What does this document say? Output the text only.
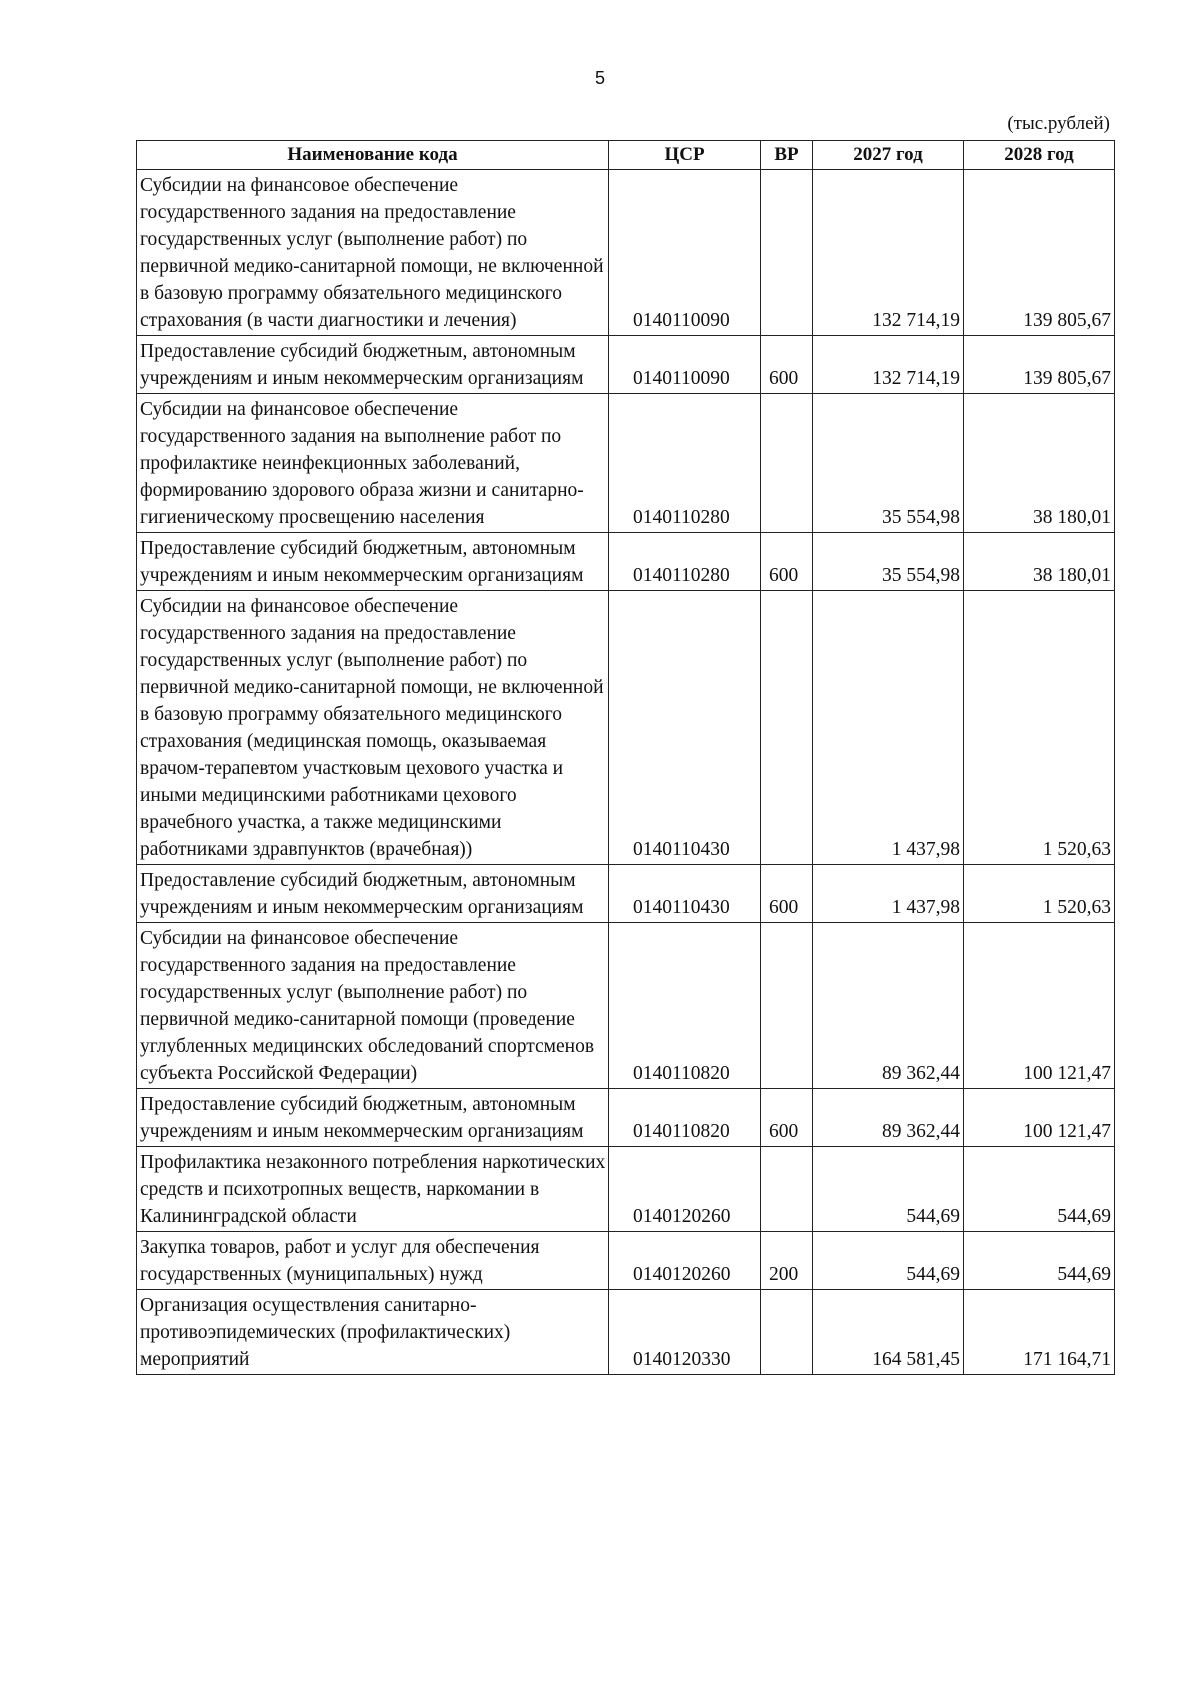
5
(тыс.рублей)
Наименование кода	ЦСР	ВР	2027 год	2028 год
Субсидии на финансовое обеспечение государственного задания на предоставление государственных услуг (выполнение работ) по первичной медико-санитарной помощи, не включенной в базовую программу обязательного медицинского страхования (в части диагностики и лечения)	0140110090		132 714,19	139 805,67
Предоставление субсидий бюджетным, автономным учреждениям и иным некоммерческим организациям	0140110090	600	132 714,19	139 805,67
Субсидии на финансовое обеспечение государственного задания на выполнение работ по профилактике неинфекционных заболеваний, формированию здорового образа жизни и санитарно-гигиеническому просвещению населения	0140110280		35 554,98	38 180,01
Предоставление субсидий бюджетным, автономным учреждениям и иным некоммерческим организациям	0140110280	600	35 554,98	38 180,01
Субсидии на финансовое обеспечение государственного задания на предоставление государственных услуг (выполнение работ) по первичной медико-санитарной помощи, не включенной в базовую программу обязательного медицинского страхования (медицинская помощь, оказываемая врачом-терапевтом участковым цехового участка и иными медицинскими работниками цехового врачебного участка, а также медицинскими работниками здравпунктов (врачебная))	0140110430		1 437,98	1 520,63
Предоставление субсидий бюджетным, автономным учреждениям и иным некоммерческим организациям	0140110430	600	1 437,98	1 520,63
Субсидии на финансовое обеспечение государственного задания на предоставление государственных услуг (выполнение работ) по первичной медико-санитарной помощи (проведение углубленных медицинских обследований спортсменов субъекта Российской Федерации)	0140110820		89 362,44	100 121,47
Предоставление субсидий бюджетным, автономным учреждениям и иным некоммерческим организациям	0140110820	600	89 362,44	100 121,47
Профилактика незаконного потребления наркотических средств и психотропных веществ, наркомании в Калининградской области	0140120260		544,69	544,69
Закупка товаров, работ и услуг для обеспечения государственных (муниципальных) нужд	0140120260	200	544,69	544,69
Организация осуществления санитарно-противоэпидемических (профилактических) мероприятий	0140120330		164 581,45	171 164,71
